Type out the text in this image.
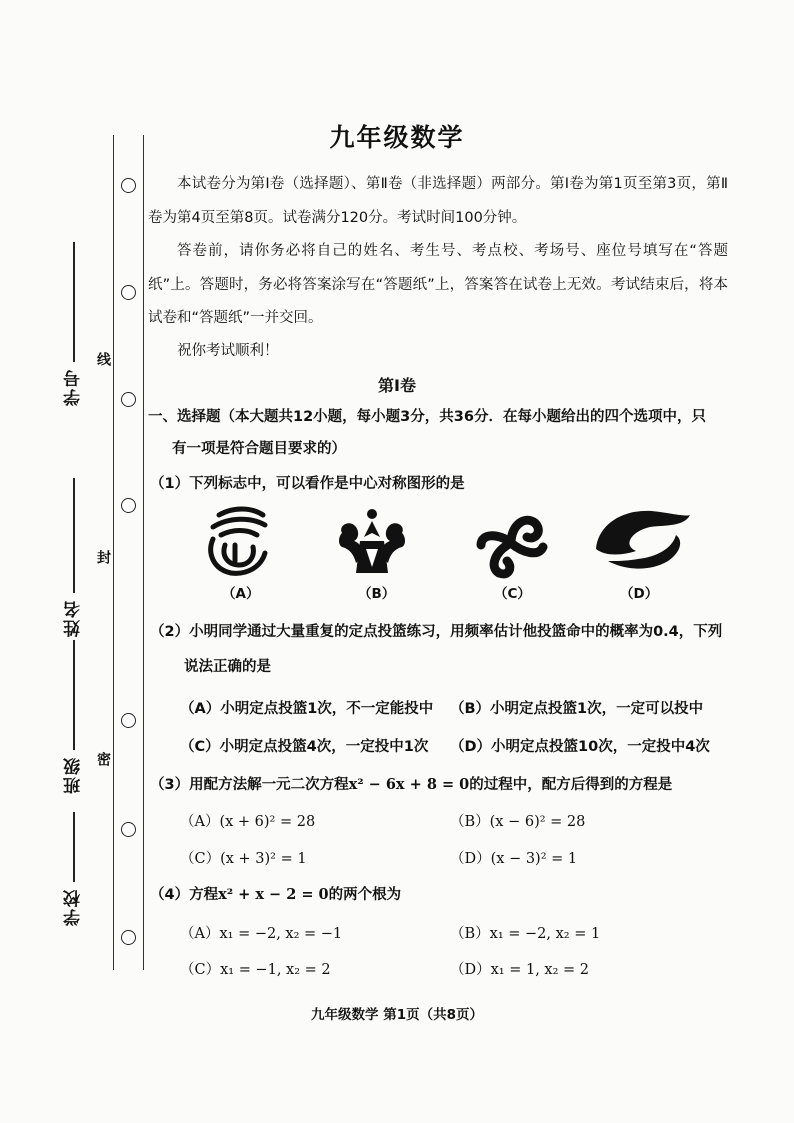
学号
姓名
班级
学校
线
封
密
九年级数学
本试卷分为第Ⅰ卷（选择题）、第Ⅱ卷（非选择题）两部分。第Ⅰ卷为第1页至第3页，第Ⅱ卷为第4页至第8页。试卷满分120分。考试时间100分钟。
答卷前，请你务必将自己的姓名、考生号、考点校、考场号、座位号填写在“答题纸”上。答题时，务必将答案涂写在“答题纸”上，答案答在试卷上无效。考试结束后，将本试卷和“答题纸”一并交回。
祝你考试顺利！
第Ⅰ卷
一、选择题（本大题共12小题，每小题3分，共36分．在每小题给出的四个选项中，只
有一项是符合题目要求的）
（1）下列标志中，可以看作是中心对称图形的是
（A）	（B）	（C）	（D）
（2）小明同学通过大量重复的定点投篮练习，用频率估计他投篮命中的概率为0.4，下列
说法正确的是
（A）小明定点投篮1次，不一定能投中 （B）小明定点投篮1次，一定可以投中
（C）小明定点投篮4次，一定投中1次 （D）小明定点投篮10次，一定投中4次
（3）用配方法解一元二次方程x² − 6x + 8 = 0的过程中，配方后得到的方程是
（A）(x + 6)² = 28	（B）(x − 6)² = 28
（C）(x + 3)² = 1	（D）(x − 3)² = 1
（4）方程x² + x − 2 = 0的两个根为
（A）x₁ = −2, x₂ = −1	（B）x₁ = −2, x₂ = 1
（C）x₁ = −1, x₂ = 2	（D）x₁ = 1, x₂ = 2
九年级数学 第1页（共8页）
